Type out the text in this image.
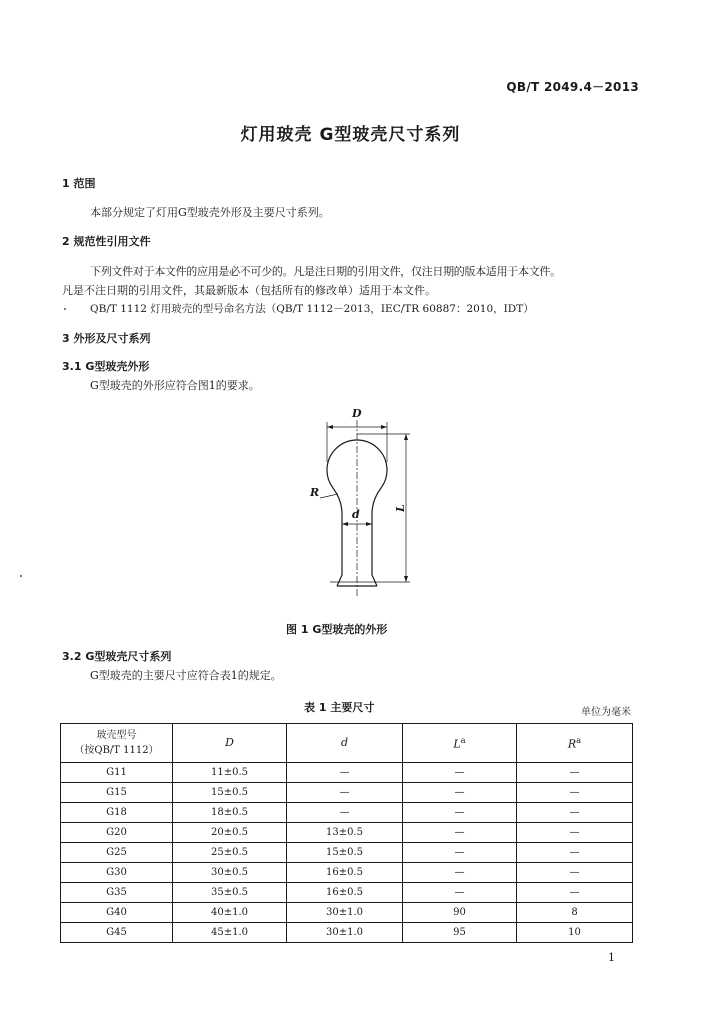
QB/T 2049.4－2013
灯用玻壳 G型玻壳尺寸系列
1 范围
本部分规定了灯用G型玻壳外形及主要尺寸系列。
2 规范性引用文件
下列文件对于本文件的应用是必不可少的。凡是注日期的引用文件，仅注日期的版本适用于本文件。
凡是不注日期的引用文件，其最新版本（包括所有的修改单）适用于本文件。
QB/T 1112 灯用玻壳的型号命名方法（QB/T 1112－2013，IEC/TR 60887：2010，IDT）
3 外形及尺寸系列
3.1 G型玻壳外形
G型玻壳的外形应符合图1的要求。
D
R
d	L
图 1 G型玻壳的外形
3.2 G型玻壳尺寸系列
G型玻壳的主要尺寸应符合表1的规定。
表 1 主要尺寸	单位为毫米
玻壳型号
（按QB/T 1112）	D	d	$L^a$	$R^a$
G11	11±0.5	—	—	—
G15	15±0.5	—	—	—
G18	18±0.5	—	—	—
G20	20±0.5	13±0.5	—	—
G25	25±0.5	15±0.5	—	—
G30	30±0.5	16±0.5	—	—
G35	35±0.5	16±0.5	—	—
G40	40±1.0	30±1.0	90	8
G45	45±1.0	30±1.0	95	10
1
